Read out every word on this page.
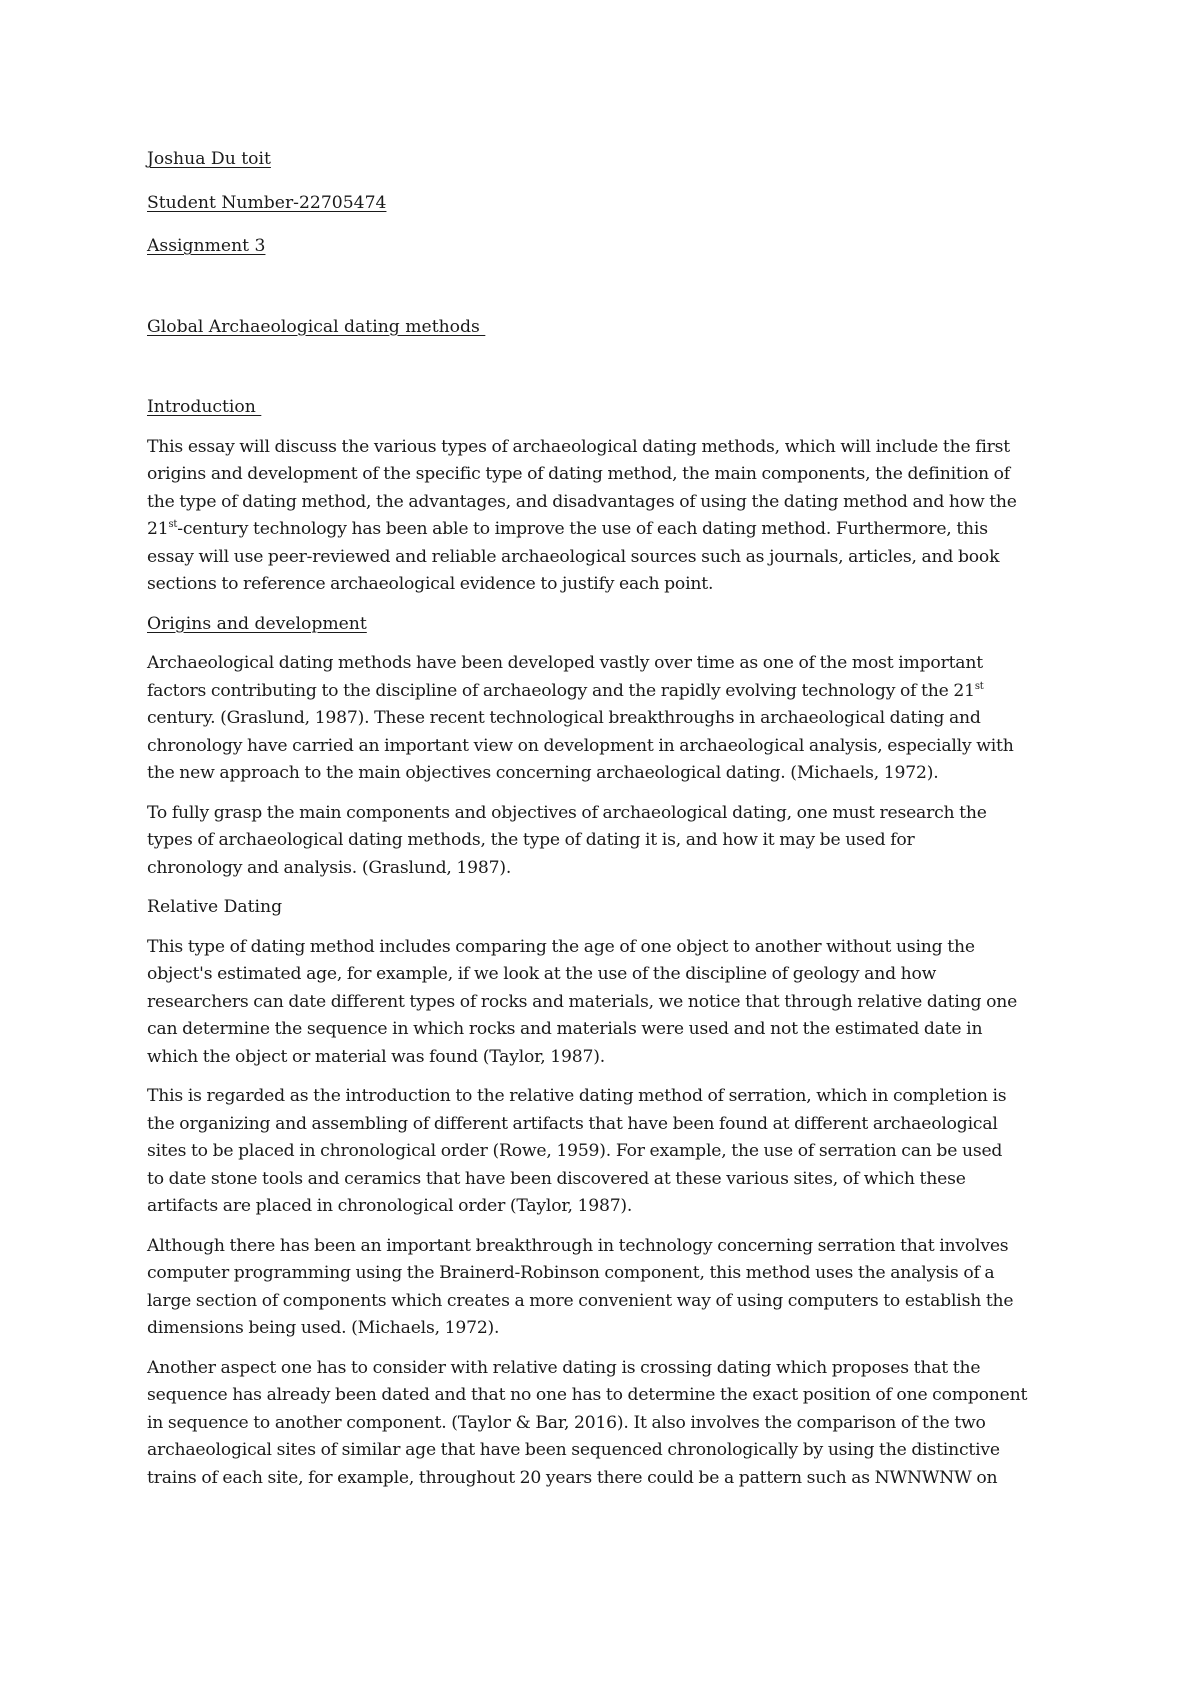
Joshua Du toit

Student Number-22705474

Assignment 3

Global Archaeological dating methods

Introduction

This essay will discuss the various types of archaeological dating methods, which will include the first
origins and development of the specific type of dating method, the main components, the definition of
the type of dating method, the advantages, and disadvantages of using the dating method and how the
21st-century technology has been able to improve the use of each dating method. Furthermore, this
essay will use peer-reviewed and reliable archaeological sources such as journals, articles, and book
sections to reference archaeological evidence to justify each point.

Origins and development

Archaeological dating methods have been developed vastly over time as one of the most important
factors contributing to the discipline of archaeology and the rapidly evolving technology of the 21st
century. (Graslund, 1987). These recent technological breakthroughs in archaeological dating and
chronology have carried an important view on development in archaeological analysis, especially with
the new approach to the main objectives concerning archaeological dating. (Michaels, 1972).

To fully grasp the main components and objectives of archaeological dating, one must research the
types of archaeological dating methods, the type of dating it is, and how it may be used for
chronology and analysis. (Graslund, 1987).

Relative Dating

This type of dating method includes comparing the age of one object to another without using the
object's estimated age, for example, if we look at the use of the discipline of geology and how
researchers can date different types of rocks and materials, we notice that through relative dating one
can determine the sequence in which rocks and materials were used and not the estimated date in
which the object or material was found (Taylor, 1987).

This is regarded as the introduction to the relative dating method of serration, which in completion is
the organizing and assembling of different artifacts that have been found at different archaeological
sites to be placed in chronological order (Rowe, 1959). For example, the use of serration can be used
to date stone tools and ceramics that have been discovered at these various sites, of which these
artifacts are placed in chronological order (Taylor, 1987).

Although there has been an important breakthrough in technology concerning serration that involves
computer programming using the Brainerd-Robinson component, this method uses the analysis of a
large section of components which creates a more convenient way of using computers to establish the
dimensions being used. (Michaels, 1972).

Another aspect one has to consider with relative dating is crossing dating which proposes that the
sequence has already been dated and that no one has to determine the exact position of one component
in sequence to another component. (Taylor & Bar, 2016). It also involves the comparison of the two
archaeological sites of similar age that have been sequenced chronologically by using the distinctive
trains of each site, for example, throughout 20 years there could be a pattern such as NWNWNW on
